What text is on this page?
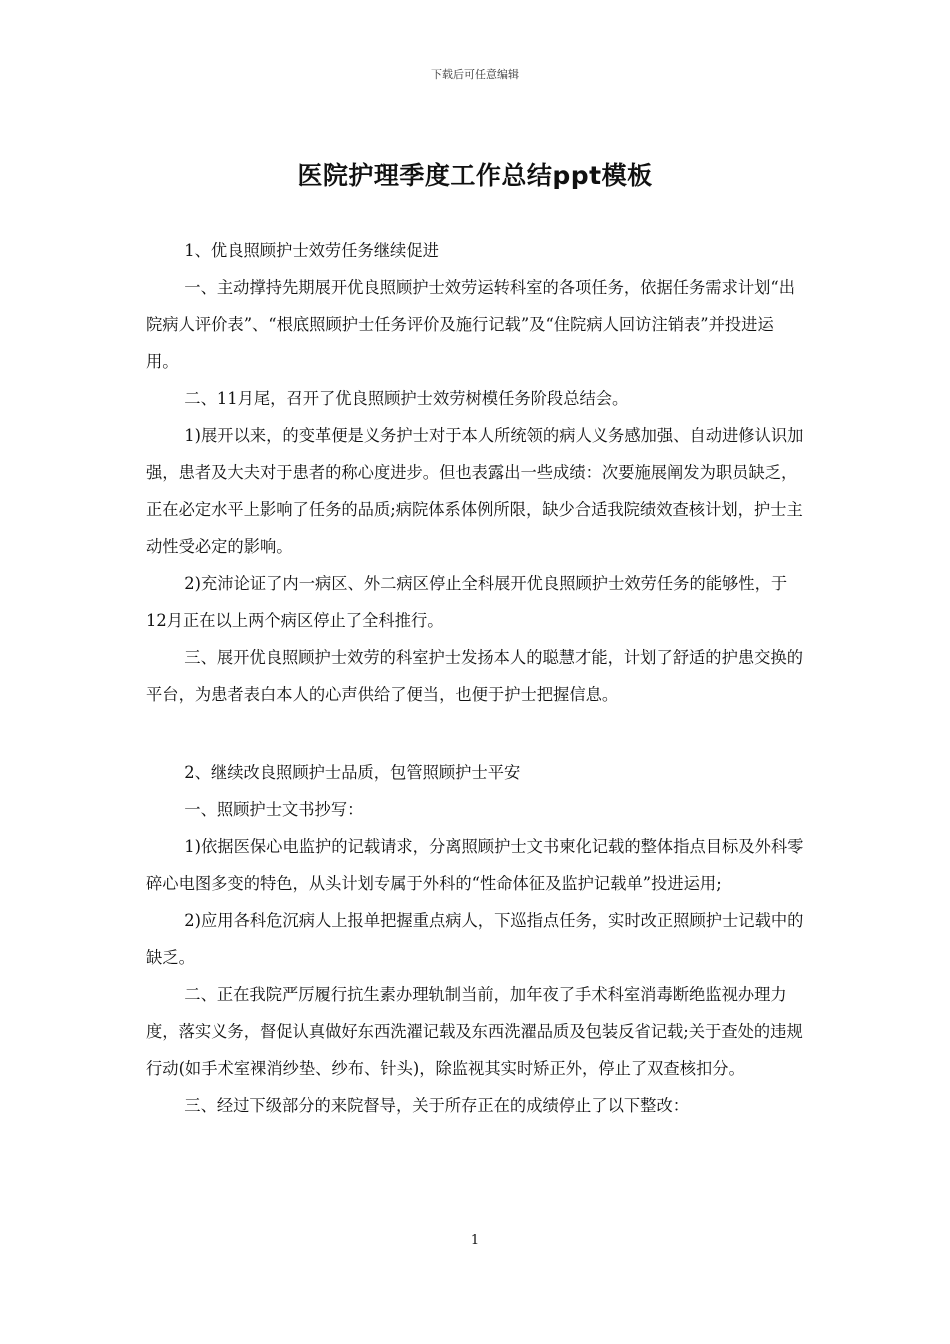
下载后可任意编辑
医院护理季度工作总结ppt模板

1、优良照顾护士效劳任务继续促进

一、主动撑持先期展开优良照顾护士效劳运转科室的各项任务，依据任务需求计划“出院病人评价表”、“根底照顾护士任务评价及施行记载”及“住院病人回访注销表”并投进运用。

二、11月尾，召开了优良照顾护士效劳树模任务阶段总结会。

1)展开以来，的变革便是义务护士对于本人所统领的病人义务感加强、自动进修认识加强，患者及大夫对于患者的称心度进步。但也表露出一些成绩：次要施展阐发为职员缺乏，正在必定水平上影响了任务的品质;病院体系体例所限，缺少合适我院绩效查核计划，护士主动性受必定的影响。

2)充沛论证了内一病区、外二病区停止全科展开优良照顾护士效劳任务的能够性，于12月正在以上两个病区停止了全科推行。

三、展开优良照顾护士效劳的科室护士发扬本人的聪慧才能，计划了舒适的护患交换的平台，为患者表白本人的心声供给了便当，也便于护士把握信息。

2、继续改良照顾护士品质，包管照顾护士平安

一、照顾护士文书抄写：

1)依据医保心电监护的记载请求，分离照顾护士文书柬化记载的整体指点目标及外科零碎心电图多变的特色，从头计划专属于外科的“性命体征及监护记载单”投进运用;

2)应用各科危沉病人上报单把握重点病人，下巡指点任务，实时改正照顾护士记载中的缺乏。

二、正在我院严厉履行抗生素办理轨制当前，加年夜了手术科室消毒断绝监视办理力度，落实义务，督促认真做好东西洗濯记载及东西洗濯品质及包装反省记载;关于查处的违规行动(如手术室裸消纱垫、纱布、针头)，除监视其实时矫正外，停止了双查核扣分。

三、经过下级部分的来院督导，关于所存正在的成绩停止了以下整改：

1
